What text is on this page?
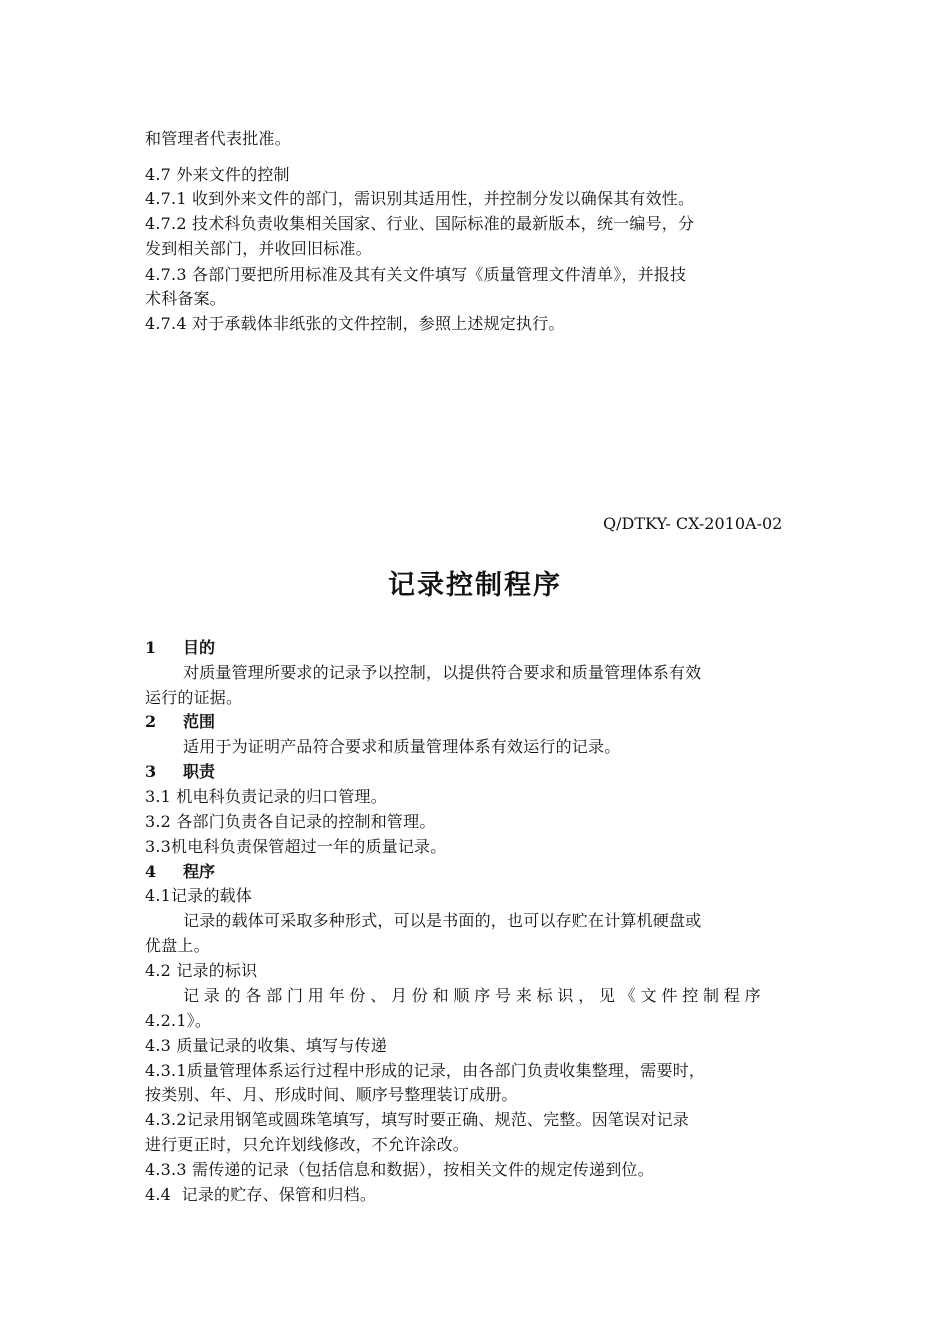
和管理者代表批准。
4.7 外来文件的控制
4.7.1 收到外来文件的部门，需识别其适用性，并控制分发以确保其有效性。
4.7.2 技术科负责收集相关国家、行业、国际标准的最新版本，统一编号，分
发到相关部门，并收回旧标准。
4.7.3 各部门要把所用标准及其有关文件填写《质量管理文件清单》，并报技
术科备案。
4.7.4 对于承载体非纸张的文件控制，参照上述规定执行。
Q/DTKY- CX-2010A-02
记录控制程序
1 目的
对质量管理所要求的记录予以控制，以提供符合要求和质量管理体系有效
运行的证据。
2 范围
适用于为证明产品符合要求和质量管理体系有效运行的记录。
3 职责
3.1 机电科负责记录的归口管理。
3.2 各部门负责各自记录的控制和管理。
3.3机电科负责保管超过一年的质量记录。
4 程序
4.1记录的载体
记录的载体可采取多种形式，可以是书面的，也可以存贮在计算机硬盘或
优盘上。
4.2 记录的标识
记录的各部门用年份、月份和顺序号来标识，见《文件控制程序
4.2.1》。
4.3 质量记录的收集、填写与传递
4.3.1质量管理体系运行过程中形成的记录，由各部门负责收集整理，需要时，
按类别、年、月、形成时间、顺序号整理装订成册。
4.3.2记录用钢笔或圆珠笔填写，填写时要正确、规范、完整。因笔误对记录
进行更正时，只允许划线修改，不允许涂改。
4.3.3 需传递的记录（包括信息和数据），按相关文件的规定传递到位。
4.4  记录的贮存、保管和归档。
